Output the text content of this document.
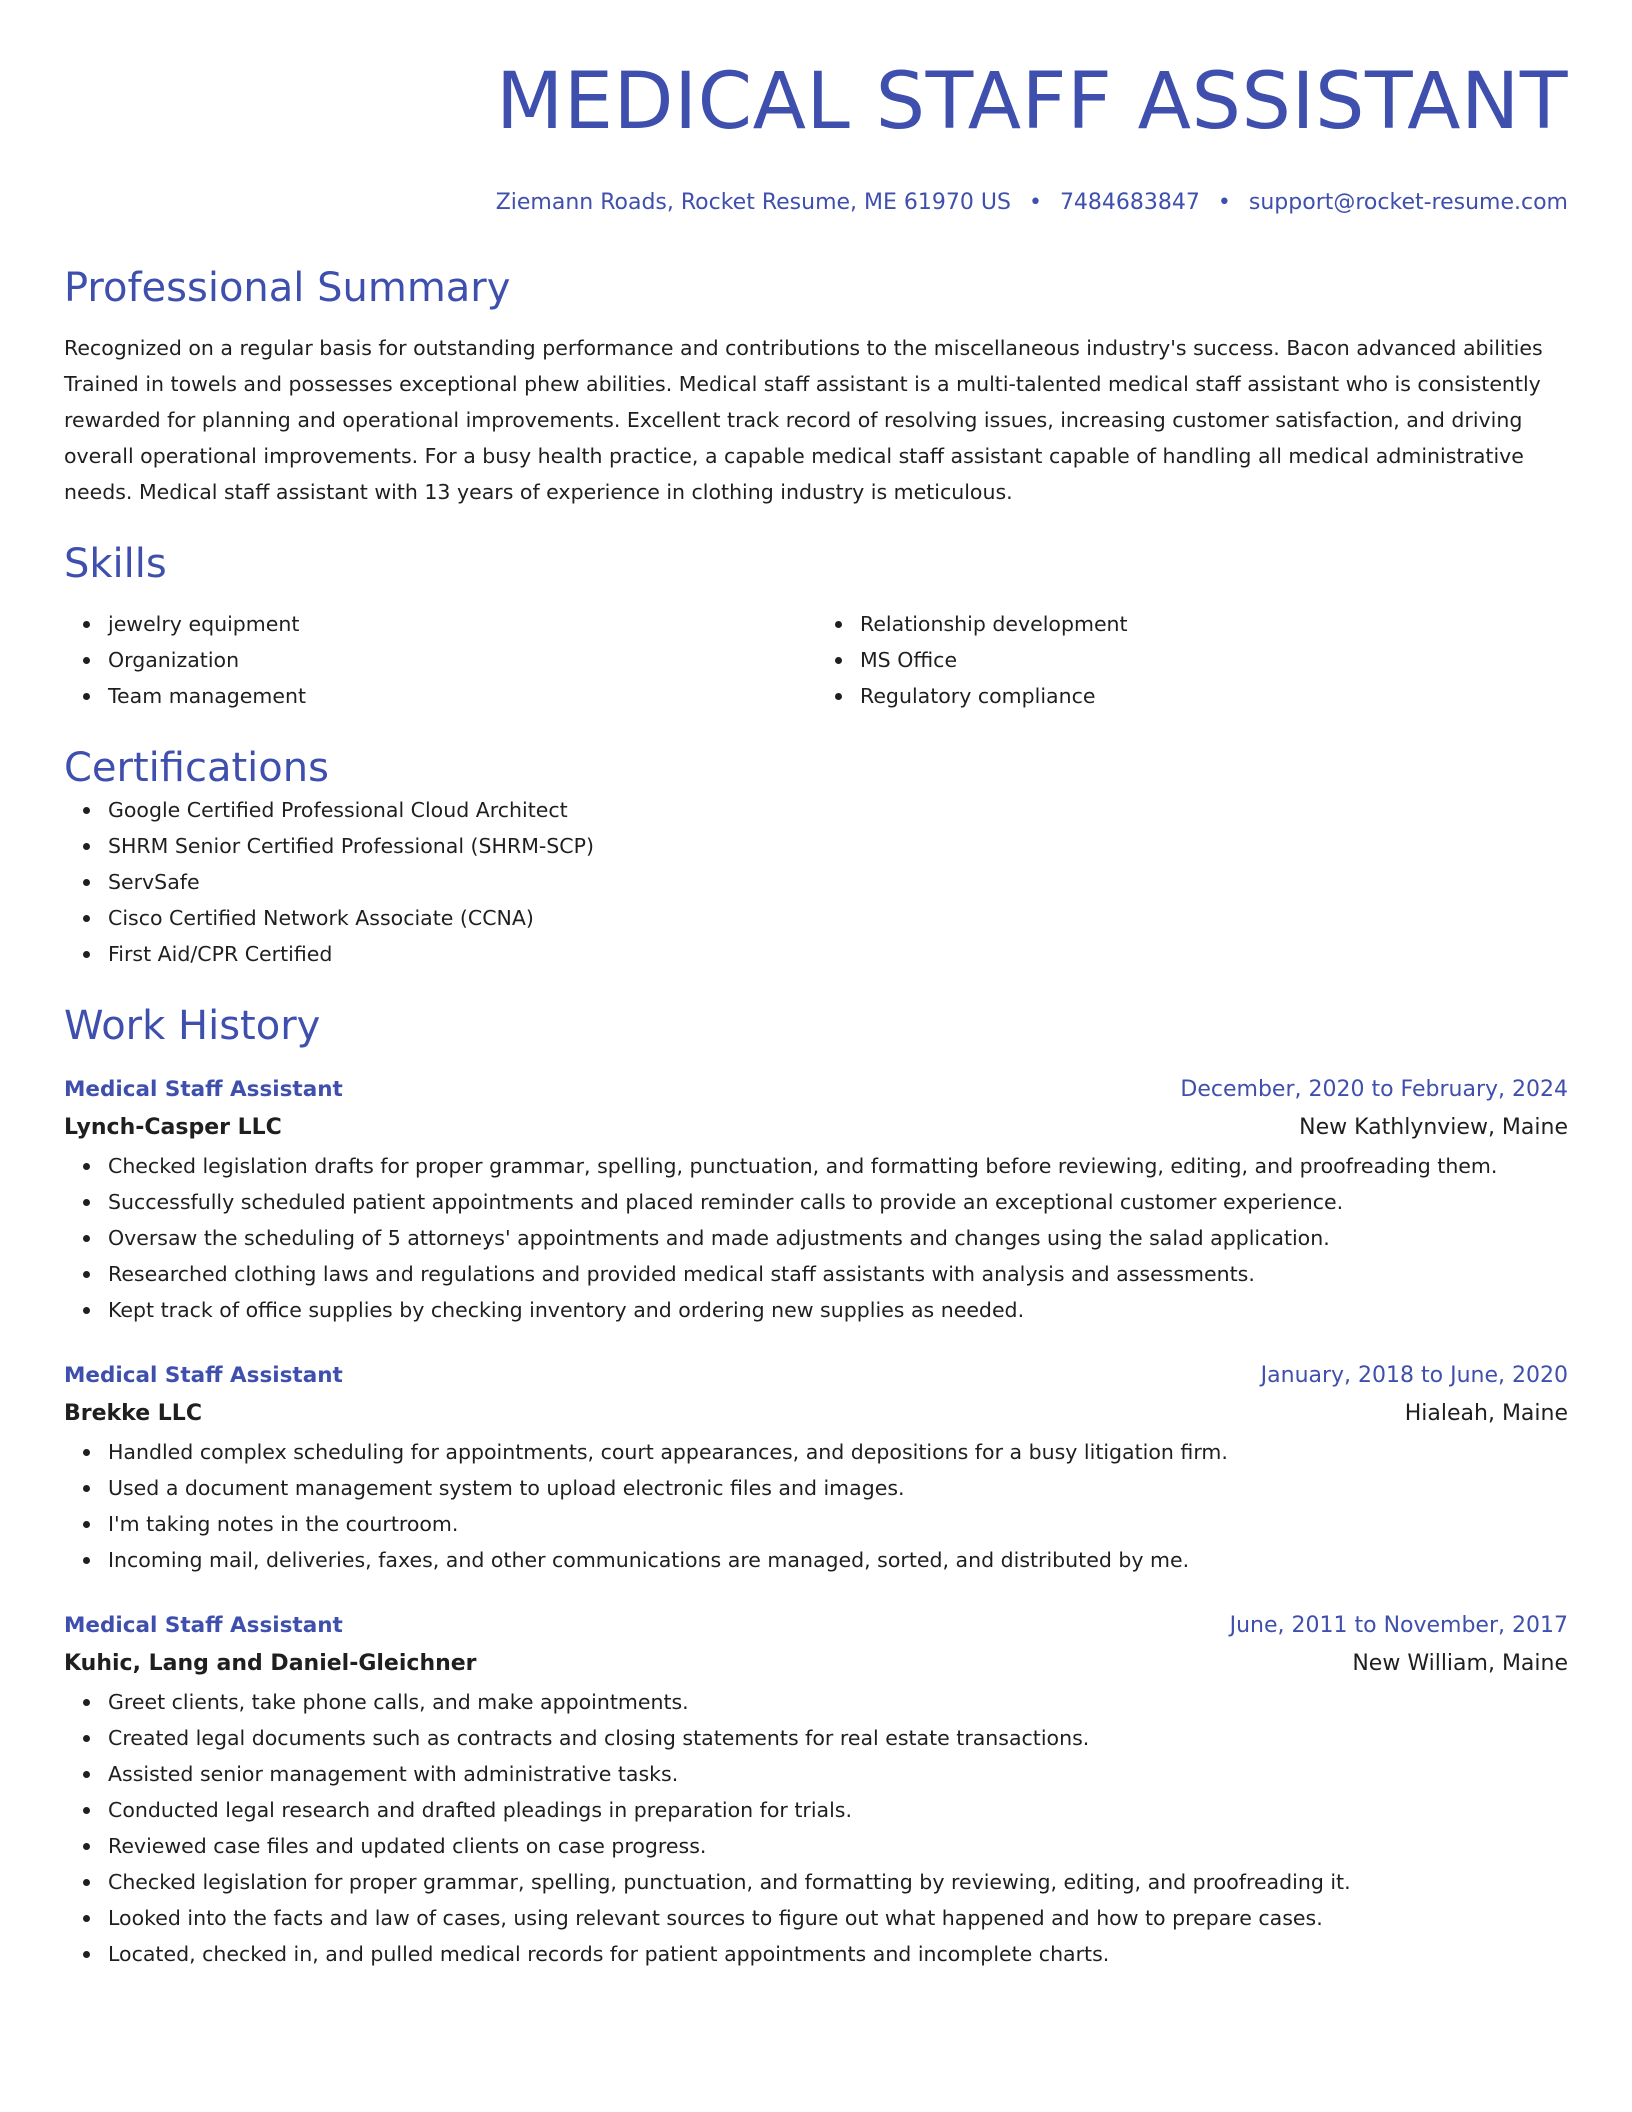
MEDICAL STAFF ASSISTANT
Ziemann Roads, Rocket Resume, ME 61970 US • 7484683847 • support@rocket-resume.com
Professional Summary
Recognized on a regular basis for outstanding performance and contributions to the miscellaneous industry's success. Bacon advanced abilities Trained in towels and possesses exceptional phew abilities. Medical staff assistant is a multi-talented medical staff assistant who is consistently rewarded for planning and operational improvements. Excellent track record of resolving issues, increasing customer satisfaction, and driving overall operational improvements. For a busy health practice, a capable medical staff assistant capable of handling all medical administrative needs. Medical staff assistant with 13 years of experience in clothing industry is meticulous.
Skills
jewelry equipment
Organization
Team management
Relationship development
MS Office
Regulatory compliance
Certifications
Google Certified Professional Cloud Architect
SHRM Senior Certified Professional (SHRM-SCP)
ServSafe
Cisco Certified Network Associate (CCNA)
First Aid/CPR Certified
Work History
Medical Staff Assistant	December, 2020 to February, 2024
Lynch-Casper LLC	New Kathlynview, Maine
Checked legislation drafts for proper grammar, spelling, punctuation, and formatting before reviewing, editing, and proofreading them.
Successfully scheduled patient appointments and placed reminder calls to provide an exceptional customer experience.
Oversaw the scheduling of 5 attorneys' appointments and made adjustments and changes using the salad application.
Researched clothing laws and regulations and provided medical staff assistants with analysis and assessments.
Kept track of office supplies by checking inventory and ordering new supplies as needed.
Medical Staff Assistant	January, 2018 to June, 2020
Brekke LLC	Hialeah, Maine
Handled complex scheduling for appointments, court appearances, and depositions for a busy litigation firm.
Used a document management system to upload electronic files and images.
I'm taking notes in the courtroom.
Incoming mail, deliveries, faxes, and other communications are managed, sorted, and distributed by me.
Medical Staff Assistant	June, 2011 to November, 2017
Kuhic, Lang and Daniel-Gleichner	New William, Maine
Greet clients, take phone calls, and make appointments.
Created legal documents such as contracts and closing statements for real estate transactions.
Assisted senior management with administrative tasks.
Conducted legal research and drafted pleadings in preparation for trials.
Reviewed case files and updated clients on case progress.
Checked legislation for proper grammar, spelling, punctuation, and formatting by reviewing, editing, and proofreading it.
Looked into the facts and law of cases, using relevant sources to figure out what happened and how to prepare cases.
Located, checked in, and pulled medical records for patient appointments and incomplete charts.
